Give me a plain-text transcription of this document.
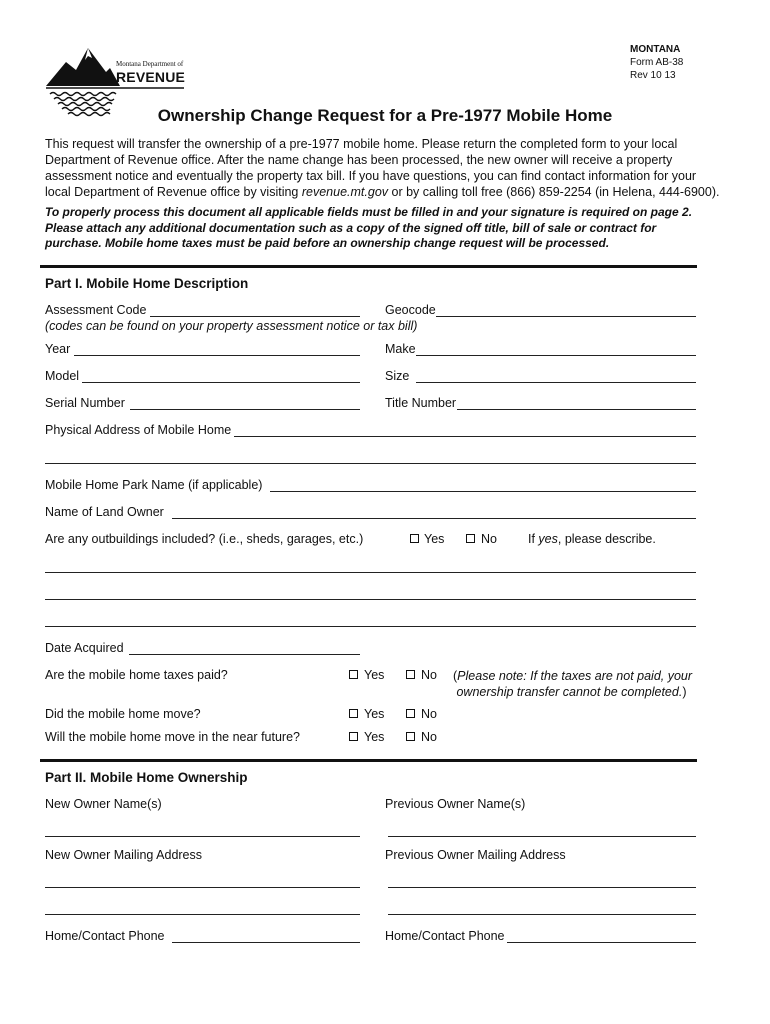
Montana Department of
REVENUE
MONTANA
Form AB-38
Rev 10 13
Ownership Change Request for a Pre-1977 Mobile Home
This request will transfer the ownership of a pre-1977 mobile home. Please return the completed form to your local
Department of Revenue office. After the name change has been processed, the new owner will receive a property
assessment notice and eventually the property tax bill. If you have questions, you can find contact information for your
local Department of Revenue office by visiting revenue.mt.gov or by calling toll free (866) 859-2254 (in Helena, 444-6900).
To properly process this document all applicable fields must be filled in and your signature is required on page 2.
Please attach any additional documentation such as a copy of the signed off title, bill of sale or contract for
purchase. Mobile home taxes must be paid before an ownership change request will be processed.
Part I. Mobile Home Description
Assessment Code	Geocode
(codes can be found on your property assessment notice or tax bill)
Year	Make
Model	Size
Serial Number	Title Number
Physical Address of Mobile Home
Mobile Home Park Name (if applicable)
Name of Land Owner
Are any outbuildings included? (i.e., sheds, garages, etc.)	Yes	No If yes, please describe.
Date Acquired
Are the mobile home taxes paid?	Yes	No (Please note: If the taxes are not paid, your
ownership transfer cannot be completed.)
Did the mobile home move?	Yes	No
Will the mobile home move in the near future?	Yes	No
Part II. Mobile Home Ownership
New Owner Name(s)	Previous Owner Name(s)
New Owner Mailing Address	Previous Owner Mailing Address
Home/Contact Phone	Home/Contact Phone
